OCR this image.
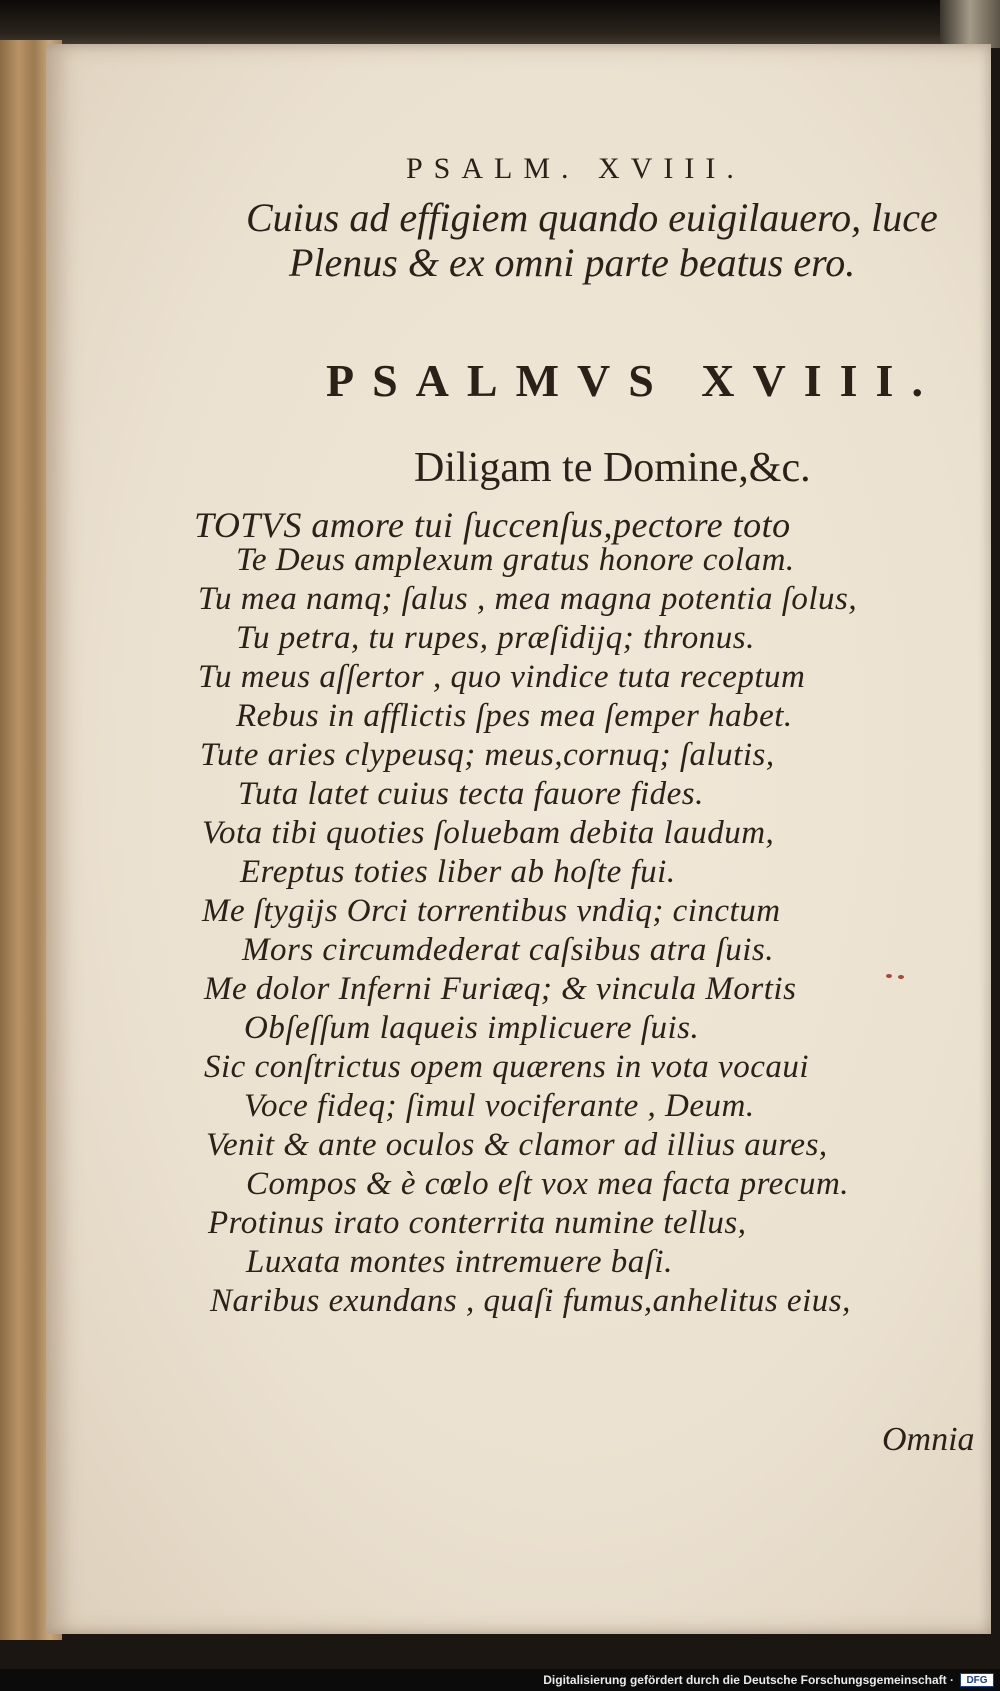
PSALM. XVIII.
Cuius ad effigiem quando euigilauero, luce
Plenus & ex omni parte beatus ero.
PSALMVS XVIII.
Diligam te Domine,&c.
TOTVS amore tui ſuccenſus,pectore toto
Te Deus amplexum gratus honore colam.
Tu mea namq; ſalus , mea magna potentia ſolus,
Tu petra, tu rupes, præſidijq; thronus.
Tu meus aſſertor , quo vindice tuta receptum
Rebus in afflictis ſpes mea ſemper habet.
Tute aries clypeusq; meus,cornuq; ſalutis,
Tuta latet cuius tecta fauore fides.
Vota tibi quoties ſoluebam debita laudum,
Ereptus toties liber ab hoſte fui.
Me ſtygijs Orci torrentibus vndiq; cinctum
Mors circumdederat caſsibus atra ſuis.
Me dolor Inferni Furiæq; & vincula Mortis
Obſeſſum laqueis implicuere ſuis.
Sic conſtrictus opem quærens in vota vocaui
Voce fideq; ſimul vociferante , Deum.
Venit & ante oculos & clamor ad illius aures,
Compos & è cœlo eſt vox mea facta precum.
Protinus irato conterrita numine tellus,
Luxata montes intremuere baſi.
Naribus exundans , quaſi fumus,anhelitus eius,
Omnia
Digitalisierung gefördert durch die Deutsche Forschungsgemeinschaft ·	DFG
